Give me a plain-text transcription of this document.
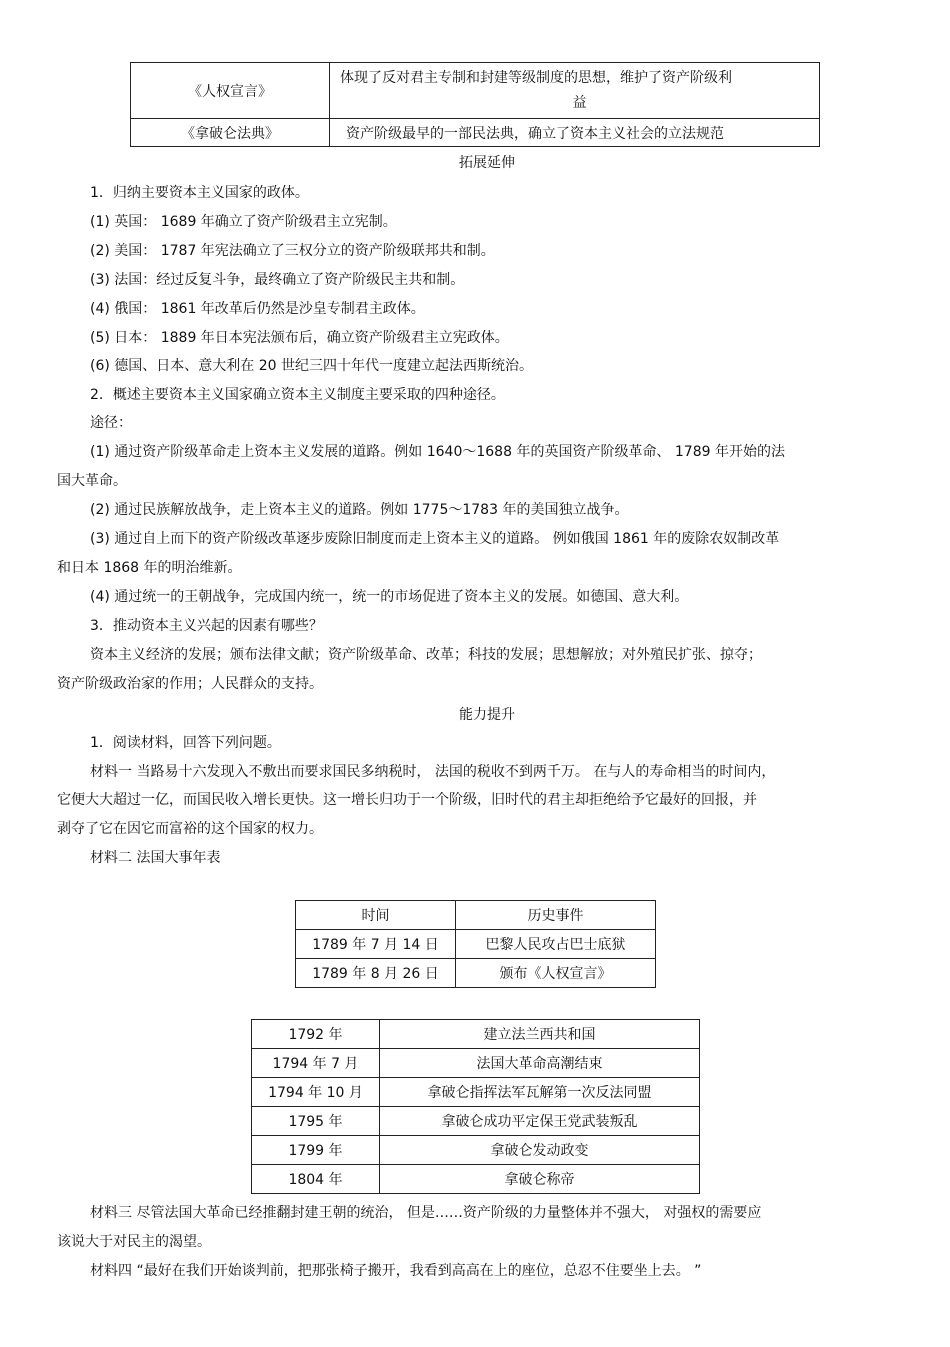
《人权宣言》	体现了反对君主专制和封建等级制度的思想，维护了资产阶级利
益

《拿破仑法典》	资产阶级最早的一部民法典，确立了资本主义社会的立法规范
拓展延伸
1．归纳主要资本主义国家的政体。
(1) 英国： 1689 年确立了资产阶级君主立宪制。
(2) 美国： 1787 年宪法确立了三权分立的资产阶级联邦共和制。
(3) 法国：经过反复斗争，最终确立了资产阶级民主共和制。
(4) 俄国： 1861 年改革后仍然是沙皇专制君主政体。
(5) 日本： 1889 年日本宪法颁布后，确立资产阶级君主立宪政体。
(6) 德国、日本、意大利在 20 世纪三四十年代一度建立起法西斯统治。
2．概述主要资本主义国家确立资本主义制度主要采取的四种途径。
途径：
(1) 通过资产阶级革命走上资本主义发展的道路。例如 1640～1688 年的英国资产阶级革命、 1789 年开始的法
国大革命。
(2) 通过民族解放战争，走上资本主义的道路。例如 1775～1783 年的美国独立战争。
(3) 通过自上而下的资产阶级改革逐步废除旧制度而走上资本主义的道路。 例如俄国 1861 年的废除农奴制改革
和日本 1868 年的明治维新。
(4) 通过统一的王朝战争，完成国内统一，统一的市场促进了资本主义的发展。如德国、意大利。
3．推动资本主义兴起的因素有哪些？
资本主义经济的发展；颁布法律文献；资产阶级革命、改革；科技的发展；思想解放；对外殖民扩张、掠夺；
资产阶级政治家的作用；人民群众的支持。
能力提升
1．阅读材料，回答下列问题。
材料一 当路易十六发现入不敷出而要求国民多纳税时， 法国的税收不到两千万。 在与人的寿命相当的时间内，
它便大大超过一亿，而国民收入增长更快。这一增长归功于一个阶级，旧时代的君主却拒绝给予它最好的回报，并
剥夺了它在因它而富裕的这个国家的权力。
材料二 法国大事年表
时间	历史事件
1789 年 7 月 14 日	巴黎人民攻占巴士底狱
1789 年 8 月 26 日	颁布《人权宣言》
1792 年	建立法兰西共和国
1794 年 7 月	法国大革命高潮结束
1794 年 10 月	拿破仑指挥法军瓦解第一次反法同盟
1795 年	拿破仑成功平定保王党武装叛乱
1799 年	拿破仑发动政变
1804 年	拿破仑称帝
材料三 尽管法国大革命已经推翻封建王朝的统治， 但是……资产阶级的力量整体并不强大， 对强权的需要应
该说大于对民主的渴望。
材料四 “最好在我们开始谈判前，把那张椅子搬开，我看到高高在上的座位，总忍不住要坐上去。 ”
